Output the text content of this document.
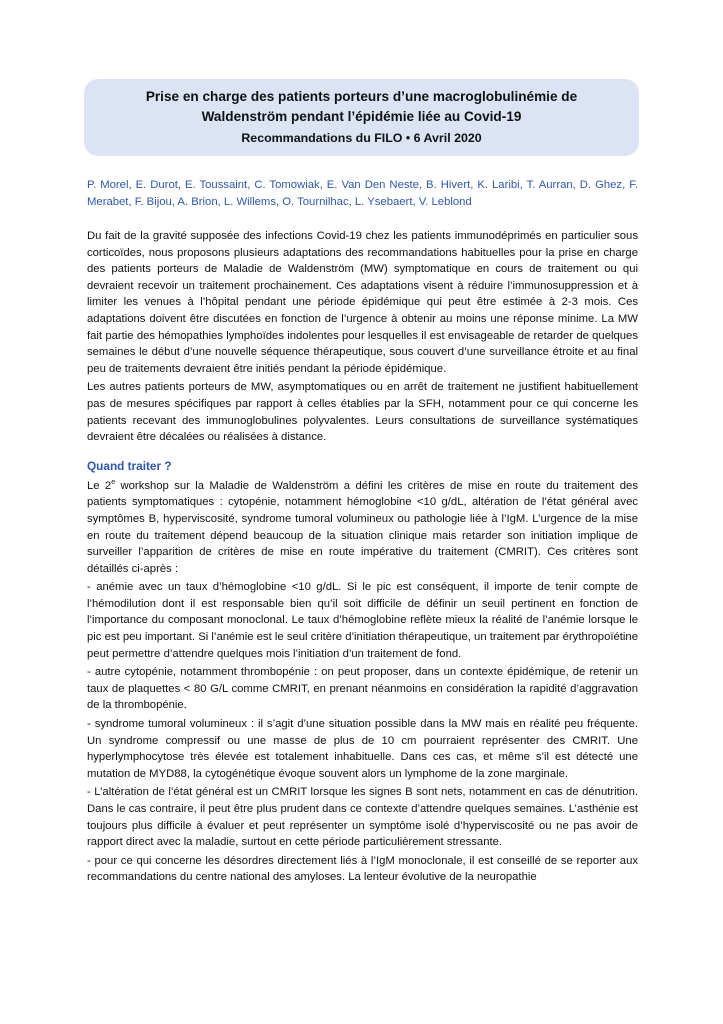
Prise en charge des patients porteurs d’une macroglobulinémie de
Waldenström pendant l’épidémie liée au Covid-19
Recommandations du FILO • 6 Avril 2020
P. Morel, E. Durot, E. Toussaint, C. Tomowiak, E. Van Den Neste, B. Hivert, K. Laribi, T. Aurran, D. Ghez, F. Merabet, F. Bijou, A. Brion, L. Willems, O. Tournilhac, L. Ysebaert, V. Leblond

Du fait de la gravité supposée des infections Covid-19 chez les patients immunodéprimés en particulier sous corticoïdes, nous proposons plusieurs adaptations des recommandations habituelles pour la prise en charge des patients porteurs de Maladie de Waldenström (MW) symptomatique en cours de traitement ou qui devraient recevoir un traitement prochainement. Ces adaptations visent à réduire l’immunosuppression et à limiter les venues à l’hôpital pendant une période épidémique qui peut être estimée à 2-3 mois. Ces adaptations doivent être discutées en fonction de l’urgence à obtenir au moins une réponse minime. La MW fait partie des hémopathies lymphoïdes indolentes pour lesquelles il est envisageable de retarder de quelques semaines le début d’une nouvelle séquence thérapeutique, sous couvert d’une surveillance étroite et au final peu de traitements devraient être initiés pendant la période épidémique.

Les autres patients porteurs de MW, asymptomatiques ou en arrêt de traitement ne justifient habituellement pas de mesures spécifiques par rapport à celles établies par la SFH, notamment pour ce qui concerne les patients recevant des immunoglobulines polyvalentes. Leurs consultations de surveillance systématiques devraient être décalées ou réalisées à distance.

Quand traiter ?

Le 2e workshop sur la Maladie de Waldenström a défini les critères de mise en route du traitement des patients symptomatiques : cytopénie, notamment hémoglobine <10 g/dL, altération de l’état général avec symptômes B, hyperviscosité, syndrome tumoral volumineux ou pathologie liée à l’IgM. L’urgence de la mise en route du traitement dépend beaucoup de la situation clinique mais retarder son initiation implique de surveiller l’apparition de critères de mise en route impérative du traitement (CMRIT). Ces critères sont détaillés ci-après :

- anémie avec un taux d’hémoglobine <10 g/dL. Si le pic est conséquent, il importe de tenir compte de l’hémodilution dont il est responsable bien qu’il soit difficile de définir un seuil pertinent en fonction de l’importance du composant monoclonal. Le taux d’hémoglobine reflète mieux la réalité de l’anémie lorsque le pic est peu important. Si l’anémie est le seul critère d’initiation thérapeutique, un traitement par érythropoïétine peut permettre d’attendre quelques mois l’initiation d’un traitement de fond.

- autre cytopénie, notamment thrombopénie : on peut proposer, dans un contexte épidémique, de retenir un taux de plaquettes < 80 G/L comme CMRIT, en prenant néanmoins en considération la rapidité d’aggravation de la thrombopénie.

- syndrome tumoral volumineux : il s’agit d’une situation possible dans la MW mais en réalité peu fréquente. Un syndrome compressif ou une masse de plus de 10 cm pourraient représenter des CMRIT. Une hyperlymphocytose très élevée est totalement inhabituelle. Dans ces cas, et même s’il est détecté une mutation de MYD88, la cytogénétique évoque souvent alors un lymphome de la zone marginale.

- L’altération de l’état général est un CMRIT lorsque les signes B sont nets, notamment en cas de dénutrition. Dans le cas contraire, il peut être plus prudent dans ce contexte d’attendre quelques semaines. L’asthénie est toujours plus difficile à évaluer et peut représenter un symptôme isolé d’hyperviscosité ou ne pas avoir de rapport direct avec la maladie, surtout en cette période particulièrement stressante.

- pour ce qui concerne les désordres directement liés à l’IgM monoclonale, il est conseillé de se reporter aux recommandations du centre national des amyloses. La lenteur évolutive de la neuropathie
